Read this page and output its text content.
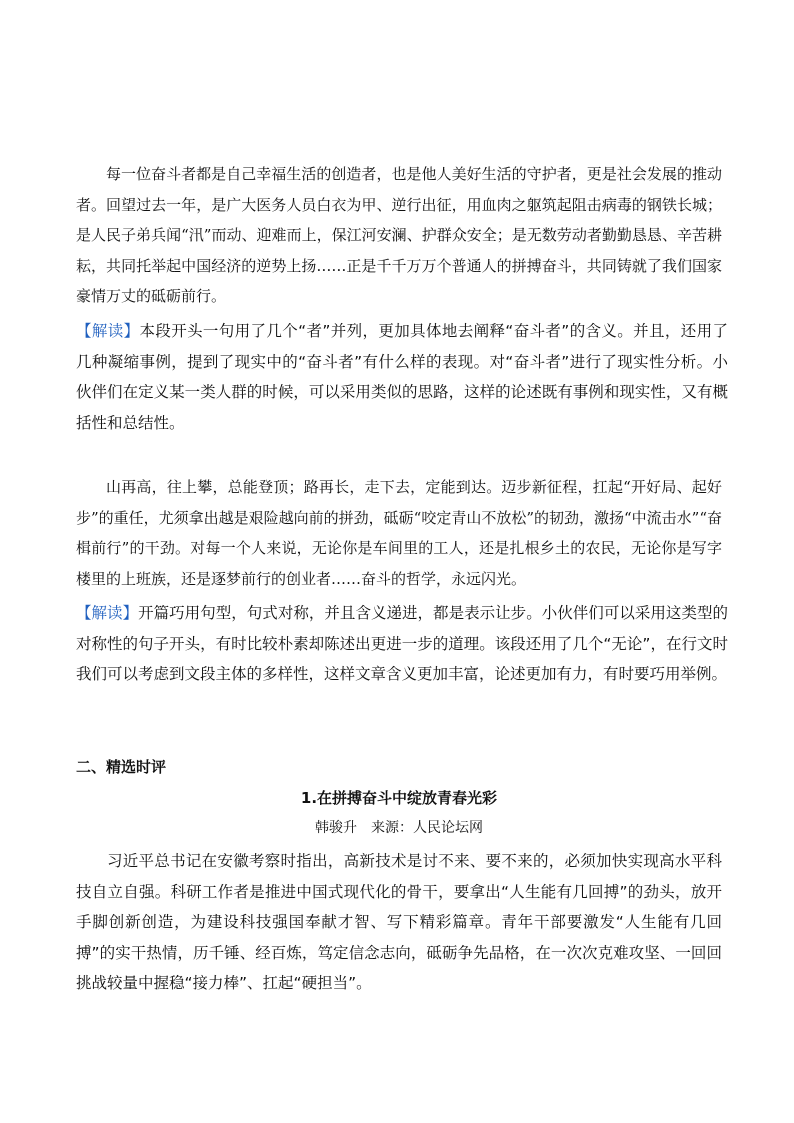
每一位奋斗者都是自己幸福生活的创造者，也是他人美好生活的守护者，更是社会发展的推动者。回望过去一年，是广大医务人员白衣为甲、逆行出征，用血肉之躯筑起阻击病毒的钢铁长城；是人民子弟兵闻“汛”而动、迎难而上，保江河安澜、护群众安全；是无数劳动者勤勤恳恳、辛苦耕耘，共同托举起中国经济的逆势上扬……正是千千万万个普通人的拼搏奋斗，共同铸就了我们国家豪情万丈的砥砺前行。

【解读】本段开头一句用了几个“者”并列，更加具体地去阐释“奋斗者”的含义。并且，还用了几种凝缩事例，提到了现实中的“奋斗者”有什么样的表现。对“奋斗者”进行了现实性分析。小伙伴们在定义某一类人群的时候，可以采用类似的思路，这样的论述既有事例和现实性，又有概括性和总结性。

山再高，往上攀，总能登顶；路再长，走下去，定能到达。迈步新征程，扛起“开好局、起好步”的重任，尤须拿出越是艰险越向前的拼劲，砥砺“咬定青山不放松”的韧劲，激扬“中流击水”“奋楫前行”的干劲。对每一个人来说，无论你是车间里的工人，还是扎根乡土的农民，无论你是写字楼里的上班族，还是逐梦前行的创业者……奋斗的哲学，永远闪光。

【解读】开篇巧用句型，句式对称，并且含义递进，都是表示让步。小伙伴们可以采用这类型的对称性的句子开头，有时比较朴素却陈述出更进一步的道理。该段还用了几个“无论”，在行文时我们可以考虑到文段主体的多样性，这样文章含义更加丰富，论述更加有力，有时要巧用举例。

二、精选时评

1.在拼搏奋斗中绽放青春光彩

韩骏升 来源：人民论坛网

习近平总书记在安徽考察时指出，高新技术是讨不来、要不来的，必须加快实现高水平科技自立自强。科研工作者是推进中国式现代化的骨干，要拿出“人生能有几回搏”的劲头，放开手脚创新创造，为建设科技强国奉献才智、写下精彩篇章。青年干部要激发“人生能有几回搏”的实干热情，历千锤、经百炼，笃定信念志向，砥砺争先品格，在一次次克难攻坚、一回回挑战较量中握稳“接力棒”、扛起“硬担当”。
